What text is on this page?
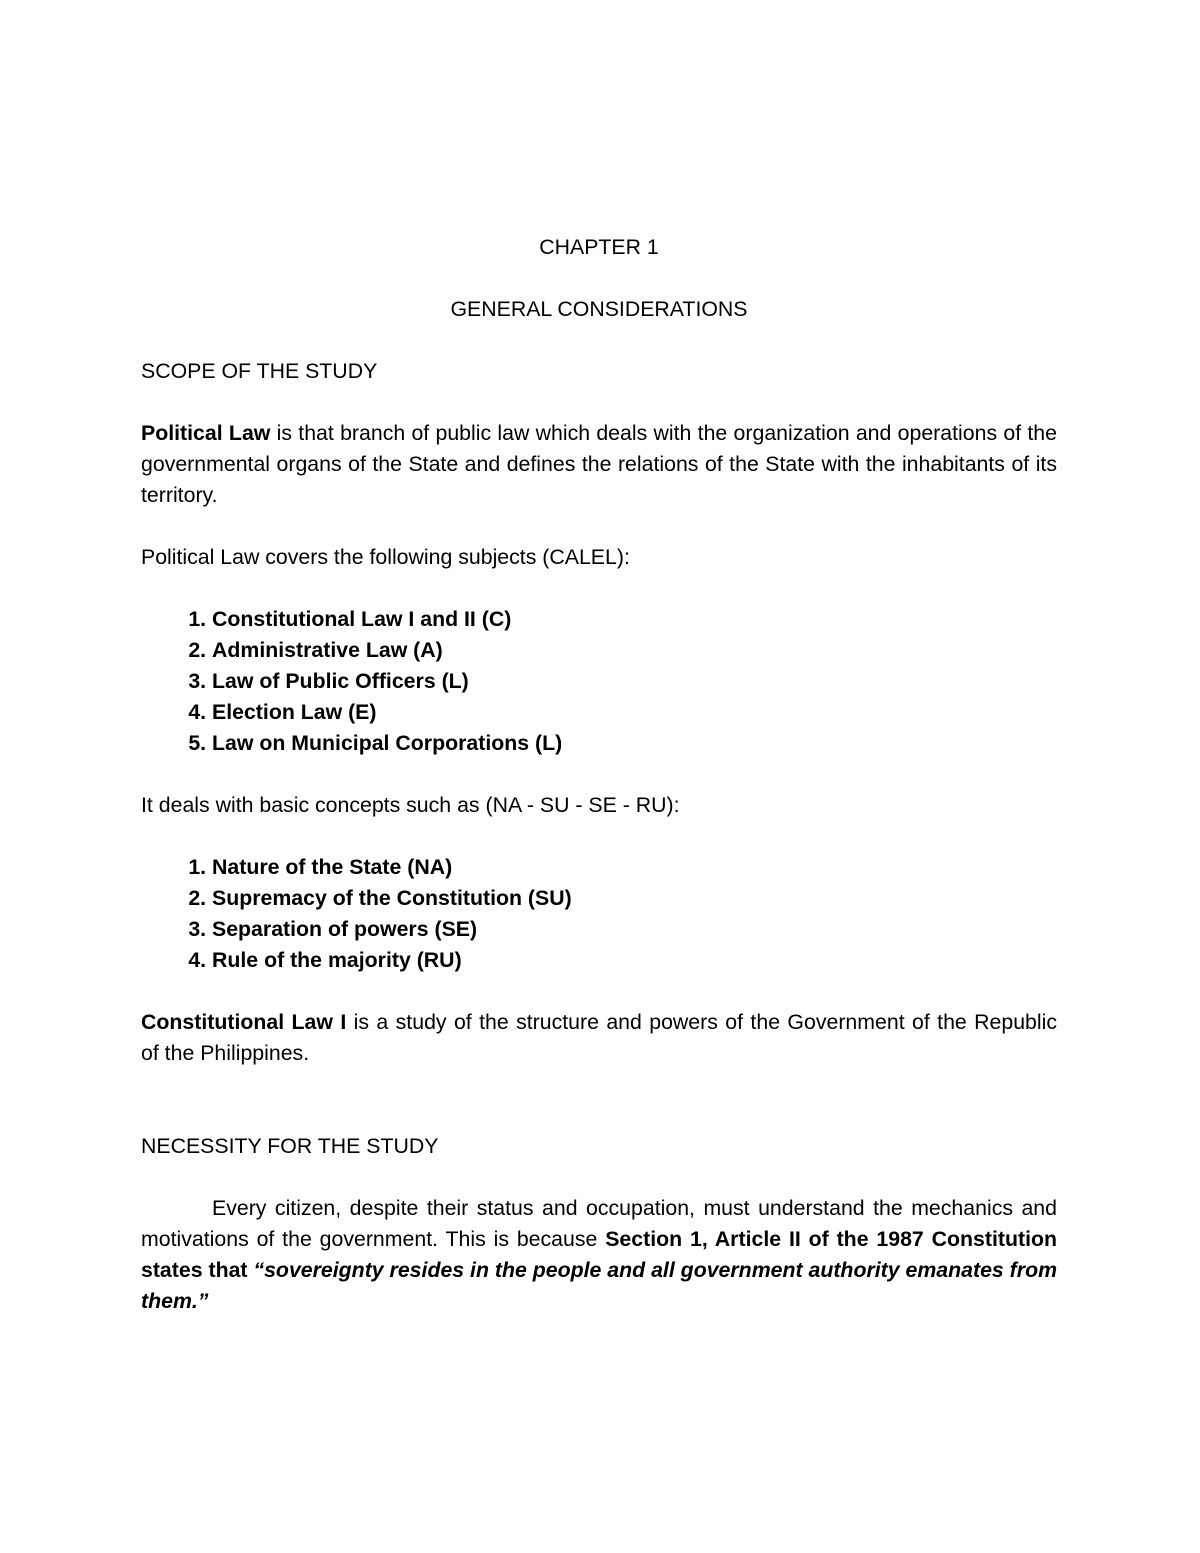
CHAPTER 1

GENERAL CONSIDERATIONS

SCOPE OF THE STUDY

Political Law is that branch of public law which deals with the organization and operations of the governmental organs of the State and defines the relations of the State with the inhabitants of its territory.

Political Law covers the following subjects (CALEL):

1. Constitutional Law I and II (C)
2. Administrative Law (A)
3. Law of Public Officers (L)
4. Election Law (E)
5. Law on Municipal Corporations (L)

It deals with basic concepts such as (NA - SU - SE - RU):

1. Nature of the State (NA)
2. Supremacy of the Constitution (SU)
3. Separation of powers (SE)
4. Rule of the majority (RU)

Constitutional Law I is a study of the structure and powers of the Government of the Republic of the Philippines.

NECESSITY FOR THE STUDY

Every citizen, despite their status and occupation, must understand the mechanics and motivations of the government. This is because Section 1, Article II of the 1987 Constitution states that “sovereignty resides in the people and all government authority emanates from them.”
